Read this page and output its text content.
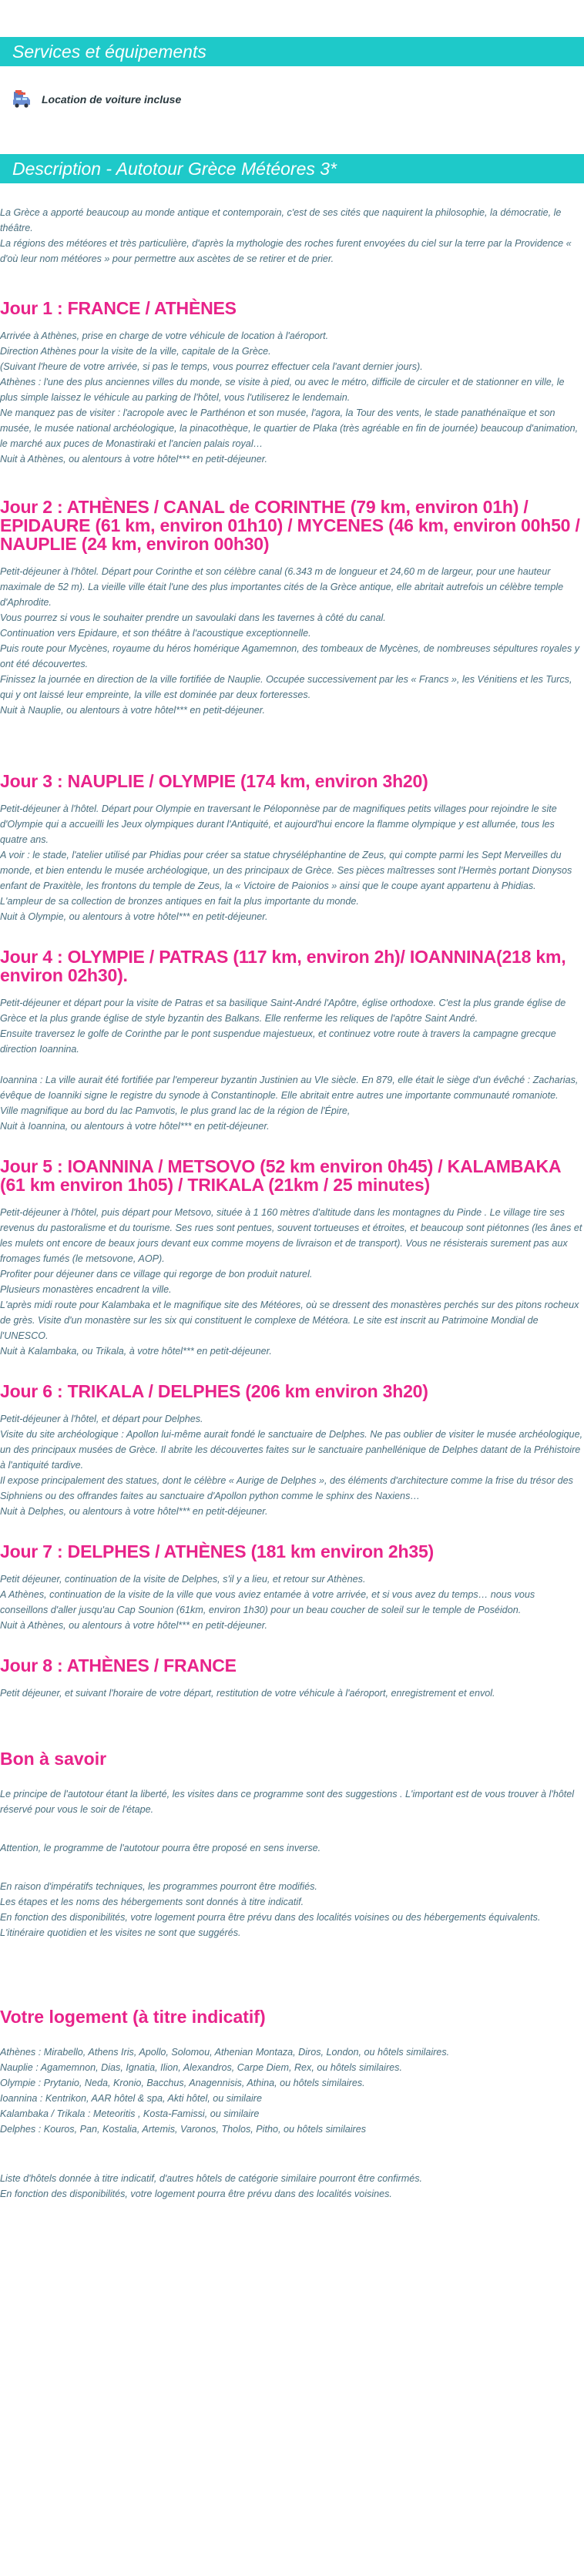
Services et équipements
Location de voiture incluse
Description - Autotour Grèce Météores 3*

La Grèce a apporté beaucoup au monde antique et contemporain, c'est de ses cités que naquirent la philosophie, la démocratie, le théâtre.

La régions des météores et très particulière, d'après la mythologie des roches furent envoyées du ciel sur la terre par la Providence « d'où leur nom météores » pour permettre aux ascètes de se retirer et de prier.

Jour 1 : FRANCE / ATHÈNES

Arrivée à Athènes, prise en charge de votre véhicule de location à l'aéroport.

Direction Athènes pour la visite de la ville, capitale de la Grèce.

(Suivant l'heure de votre arrivée, si pas le temps, vous pourrez effectuer cela l'avant dernier jours).

Athènes : l'une des plus anciennes villes du monde, se visite à pied, ou avec le métro, difficile de circuler et de stationner en ville, le plus simple laissez le véhicule au parking de l'hôtel, vous l'utiliserez le lendemain.

Ne manquez pas de visiter : l'acropole avec le Parthénon et son musée, l'agora, la Tour des vents, le stade panathénaïque et son musée, le musée national archéologique, la pinacothèque, le quartier de Plaka (très agréable en fin de journée) beaucoup d'animation, le marché aux puces de Monastiraki et l'ancien palais royal…

Nuit à Athènes, ou alentours à votre hôtel*** en petit-déjeuner.

Jour 2 : ATHÈNES / CANAL de CORINTHE (79 km, environ 01h) / EPIDAURE (61 km, environ 01h10) / MYCENES (46 km, environ 00h50 / NAUPLIE (24 km, environ 00h30)

Petit-déjeuner à l'hôtel. Départ pour Corinthe et son célèbre canal (6.343 m de longueur et 24,60 m de largeur, pour une hauteur maximale de 52 m). La vieille ville était l'une des plus importantes cités de la Grèce antique, elle abritait autrefois un célèbre temple d'Aphrodite.

Vous pourrez si vous le souhaiter prendre un savoulaki dans les tavernes à côté du canal.

Continuation vers Epidaure, et son théâtre à l'acoustique exceptionnelle.

Puis route pour Mycènes, royaume du héros homérique Agamemnon, des tombeaux de Mycènes, de nombreuses sépultures royales y ont été découvertes.

Finissez la journée en direction de la ville fortifiée de Nauplie. Occupée successivement par les « Francs », les Vénitiens et les Turcs, qui y ont laissé leur empreinte, la ville est dominée par deux forteresses.

Nuit à Nauplie, ou alentours à votre hôtel*** en petit-déjeuner.

Jour 3 : NAUPLIE / OLYMPIE (174 km, environ 3h20)

Petit-déjeuner à l'hôtel. Départ pour Olympie en traversant le Péloponnèse par de magnifiques petits villages pour rejoindre le site d'Olympie qui a accueilli les Jeux olympiques durant l'Antiquité, et aujourd'hui encore la flamme olympique y est allumée, tous les quatre ans.

A voir : le stade, l'atelier utilisé par Phidias pour créer sa statue chryséléphantine de Zeus, qui compte parmi les Sept Merveilles du monde, et bien entendu le musée archéologique, un des principaux de Grèce. Ses pièces maîtresses sont l'Hermès portant Dionysos enfant de Praxitèle, les frontons du temple de Zeus, la « Victoire de Paionios » ainsi que le coupe ayant appartenu à Phidias.

L'ampleur de sa collection de bronzes antiques en fait la plus importante du monde.

Nuit à Olympie, ou alentours à votre hôtel*** en petit-déjeuner.

Jour 4 : OLYMPIE / PATRAS (117 km, environ 2h)/ IOANNINA(218 km, environ 02h30).

Petit-déjeuner et départ pour la visite de Patras et sa basilique Saint-André l'Apôtre, église orthodoxe. C'est la plus grande église de Grèce et la plus grande église de style byzantin des Balkans. Elle renferme les reliques de l'apôtre Saint André.

Ensuite traversez le golfe de Corinthe par le pont suspendue majestueux, et continuez votre route à travers la campagne grecque direction Ioannina.

Ioannina : La ville aurait été fortifiée par l'empereur byzantin Justinien au VIe siècle. En 879, elle était le siège d'un évêché : Zacharias, évêque de Ioanniki signe le registre du synode à Constantinople. Elle abritait entre autres une importante communauté romaniote.

Ville magnifique au bord du lac Pamvotis, le plus grand lac de la région de l'Épire,

Nuit à Ioannina, ou alentours à votre hôtel*** en petit-déjeuner.

Jour 5 : IOANNINA / METSOVO (52 km environ 0h45) / KALAMBAKA (61 km environ 1h05) / TRIKALA (21km / 25 minutes)

Petit-déjeuner à l'hôtel, puis départ pour Metsovo, située à 1 160 mètres d'altitude dans les montagnes du Pinde . Le village tire ses revenus du pastoralisme et du tourisme. Ses rues sont pentues, souvent tortueuses et étroites, et beaucoup sont piétonnes (les ânes et les mulets ont encore de beaux jours devant eux comme moyens de livraison et de transport). Vous ne résisterais surement pas aux fromages fumés (le metsovone, AOP).

Profiter pour déjeuner dans ce village qui regorge de bon produit naturel.

Plusieurs monastères encadrent la ville.

L'après midi route pour Kalambaka et le magnifique site des Météores, où se dressent des monastères perchés sur des pitons rocheux de grès. Visite d'un monastère sur les six qui constituent le complexe de Météora. Le site est inscrit au Patrimoine Mondial de l'UNESCO.

Nuit à Kalambaka, ou Trikala, à votre hôtel*** en petit-déjeuner.

Jour 6 : TRIKALA / DELPHES (206 km environ 3h20)

Petit-déjeuner à l'hôtel, et départ pour Delphes.

Visite du site archéologique : Apollon lui-même aurait fondé le sanctuaire de Delphes. Ne pas oublier de visiter le musée archéologique, un des principaux musées de Grèce. Il abrite les découvertes faites sur le sanctuaire panhellénique de Delphes datant de la Préhistoire à l'antiquité tardive.

Il expose principalement des statues, dont le célèbre « Aurige de Delphes », des éléments d'architecture comme la frise du trésor des Siphniens ou des offrandes faites au sanctuaire d'Apollon python comme le sphinx des Naxiens…

Nuit à Delphes, ou alentours à votre hôtel*** en petit-déjeuner.

Jour 7 : DELPHES / ATHÈNES (181 km environ 2h35)

Petit déjeuner, continuation de la visite de Delphes, s'il y a lieu, et retour sur Athènes.

A Athènes, continuation de la visite de la ville que vous aviez entamée à votre arrivée, et si vous avez du temps… nous vous conseillons d'aller jusqu'au Cap Sounion (61km, environ 1h30) pour un beau coucher de soleil sur le temple de Poséidon.

Nuit à Athènes, ou alentours à votre hôtel*** en petit-déjeuner.

Jour 8 : ATHÈNES / FRANCE

Petit déjeuner, et suivant l'horaire de votre départ, restitution de votre véhicule à l'aéroport, enregistrement et envol.

Bon à savoir

Le principe de l'autotour étant la liberté, les visites dans ce programme sont des suggestions . L'important est de vous trouver à l'hôtel réservé pour vous le soir de l'étape.

Attention, le programme de l'autotour pourra être proposé en sens inverse.

En raison d'impératifs techniques, les programmes pourront être modifiés.

Les étapes et les noms des hébergements sont donnés à titre indicatif.

En fonction des disponibilités, votre logement pourra être prévu dans des localités voisines ou des hébergements équivalents.

L'itinéraire quotidien et les visites ne sont que suggérés.

Votre logement (à titre indicatif)

Athènes : Mirabello, Athens Iris, Apollo, Solomou, Athenian Montaza, Diros, London, ou hôtels similaires.

Nauplie : Agamemnon, Dias, Ignatia, Ilion, Alexandros, Carpe Diem, Rex, ou hôtels similaires.

Olympie : Prytanio, Neda, Kronio, Bacchus, Anagennisis, Athina, ou hôtels similaires.

Ioannina : Kentrikon, AAR hôtel & spa, Akti hôtel, ou similaire

Kalambaka / Trikala : Meteoritis , Kosta-Famissi, ou similaire

Delphes : Kouros, Pan, Kostalia, Artemis, Varonos, Tholos, Pitho, ou hôtels similaires

Liste d'hôtels donnée à titre indicatif, d'autres hôtels de catégorie similaire pourront être confirmés.

En fonction des disponibilités, votre logement pourra être prévu dans des localités voisines.
